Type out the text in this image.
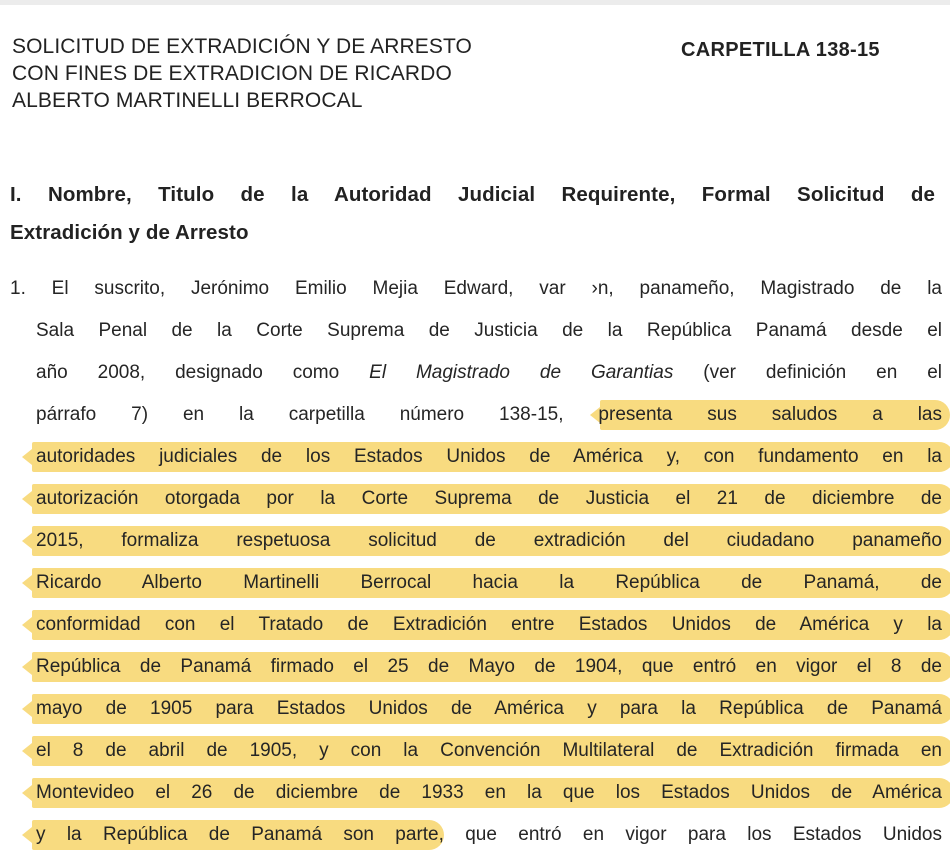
SOLICITUD DE EXTRADICIÓN Y DE ARRESTO
CON FINES DE EXTRADICION DE RICARDO
ALBERTO MARTINELLI BERROCAL
CARPETILLA 138-15
I. Nombre, Titulo de la Autoridad Judicial Requirente, Formal Solicitud de
Extradición y de Arresto
1. El suscrito, Jerónimo Emilio Mejia Edward, var ›n, panameño, Magistrado de la
Sala Penal de la Corte Suprema de Justicia de la República Panamá desde el
año 2008, designado como El Magistrado de Garantias (ver definición en el
párrafo 7) en la carpetilla número 138-15, presenta sus saludos a las
autoridades judiciales de los Estados Unidos de América y, con fundamento en la
autorización otorgada por la Corte Suprema de Justicia el 21 de diciembre de
2015, formaliza respetuosa solicitud de extradición del ciudadano panameño
Ricardo Alberto Martinelli Berrocal hacia la República de Panamá, de
conformidad con el Tratado de Extradición entre Estados Unidos de América y la
República de Panamá firmado el 25 de Mayo de 1904, que entró en vigor el 8 de
mayo de 1905 para Estados Unidos de América y para la República de Panamá
el 8 de abril de 1905, y con la Convención Multilateral de Extradición firmada en
Montevideo el 26 de diciembre de 1933 en la que los Estados Unidos de América
y la República de Panamá son parte, que entró en vigor para los Estados Unidos
